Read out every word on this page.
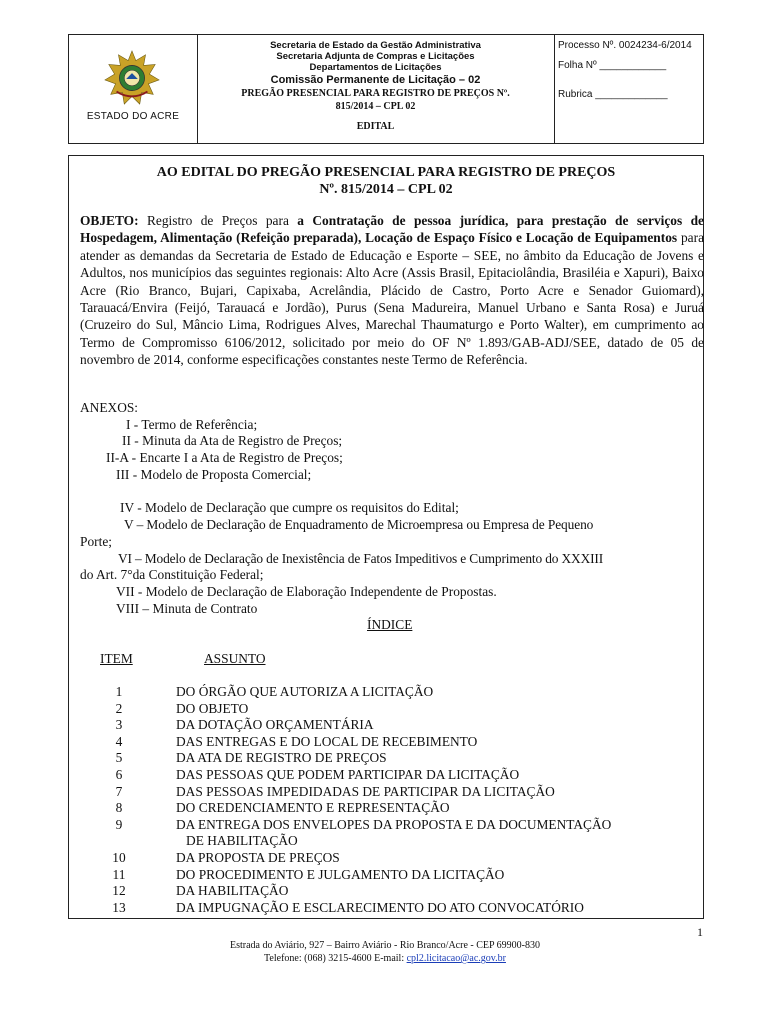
ESTADO DO ACRE
Secretaria de Estado da Gestão Administrativa
Secretaria Adjunta de Compras e Licitações
Departamentos de Licitações
Comissão Permanente de Licitação – 02
PREGÃO PRESENCIAL PARA REGISTRO DE PREÇOS Nº.
815/2014 – CPL 02
EDITAL
Processo Nº. 0024234-6/2014
Folha Nº ____________
Rubrica _____________
AO EDITAL DO PREGÃO PRESENCIAL PARA REGISTRO DE PREÇOS
Nº. 815/2014 – CPL 02
OBJETO: Registro de Preços para a Contratação de pessoa jurídica, para prestação de serviços de Hospedagem, Alimentação (Refeição preparada), Locação de Espaço Físico e Locação de Equipamentos para atender as demandas da Secretaria de Estado de Educação e Esporte – SEE, no âmbito da Educação de Jovens e Adultos, nos municípios das seguintes regionais: Alto Acre (Assis Brasil, Epitaciolândia, Brasiléia e Xapuri), Baixo Acre (Rio Branco, Bujari, Capixaba, Acrelândia, Plácido de Castro, Porto Acre e Senador Guiomard), Tarauacá/Envira (Feijó, Tarauacá e Jordão), Purus (Sena Madureira, Manuel Urbano e Santa Rosa) e Juruá (Cruzeiro do Sul, Mâncio Lima, Rodrigues Alves, Marechal Thaumaturgo e Porto Walter), em cumprimento ao Termo de Compromisso 6106/2012, solicitado por meio do OF Nº 1.893/GAB-ADJ/SEE, datado de 05 de novembro de 2014, conforme especificações constantes neste Termo de Referência.
ANEXOS:
I - Termo de Referência;
II - Minuta da Ata de Registro de Preços;
II-A - Encarte I a Ata de Registro de Preços;
III - Modelo de Proposta Comercial;
IV - Modelo de Declaração que cumpre os requisitos do Edital;
V – Modelo de Declaração de Enquadramento de Microempresa ou Empresa de Pequeno
Porte;
VI – Modelo de Declaração de Inexistência de Fatos Impeditivos e Cumprimento do XXXIII
do Art. 7°da Constituição Federal;
VII - Modelo de Declaração de Elaboração Independente de Propostas.
VIII – Minuta de Contrato
ÍNDICE
ITEM	ASSUNTO
1	DO ÓRGÃO QUE AUTORIZA A LICITAÇÃO
2	DO OBJETO
3	DA DOTAÇÃO ORÇAMENTÁRIA
4	DAS ENTREGAS E DO LOCAL DE RECEBIMENTO
5	DA ATA DE REGISTRO DE PREÇOS
6	DAS PESSOAS QUE PODEM PARTICIPAR DA LICITAÇÃO
7	DAS PESSOAS IMPEDIDADAS DE PARTICIPAR DA LICITAÇÃO
8	DO CREDENCIAMENTO E REPRESENTAÇÃO
9	DA ENTREGA DOS ENVELOPES DA PROPOSTA E DA DOCUMENTAÇÃO
DE HABILITAÇÃO
10	DA PROPOSTA DE PREÇOS
11	DO PROCEDIMENTO E JULGAMENTO DA LICITAÇÃO
12	DA HABILITAÇÃO
13	DA IMPUGNAÇÃO E ESCLARECIMENTO DO ATO CONVOCATÓRIO
1
Estrada do Aviário, 927 – Bairro Aviário - Rio Branco/Acre - CEP 69900-830
Telefone: (068) 3215-4600 E-mail: cpl2.licitacao@ac.gov.br
